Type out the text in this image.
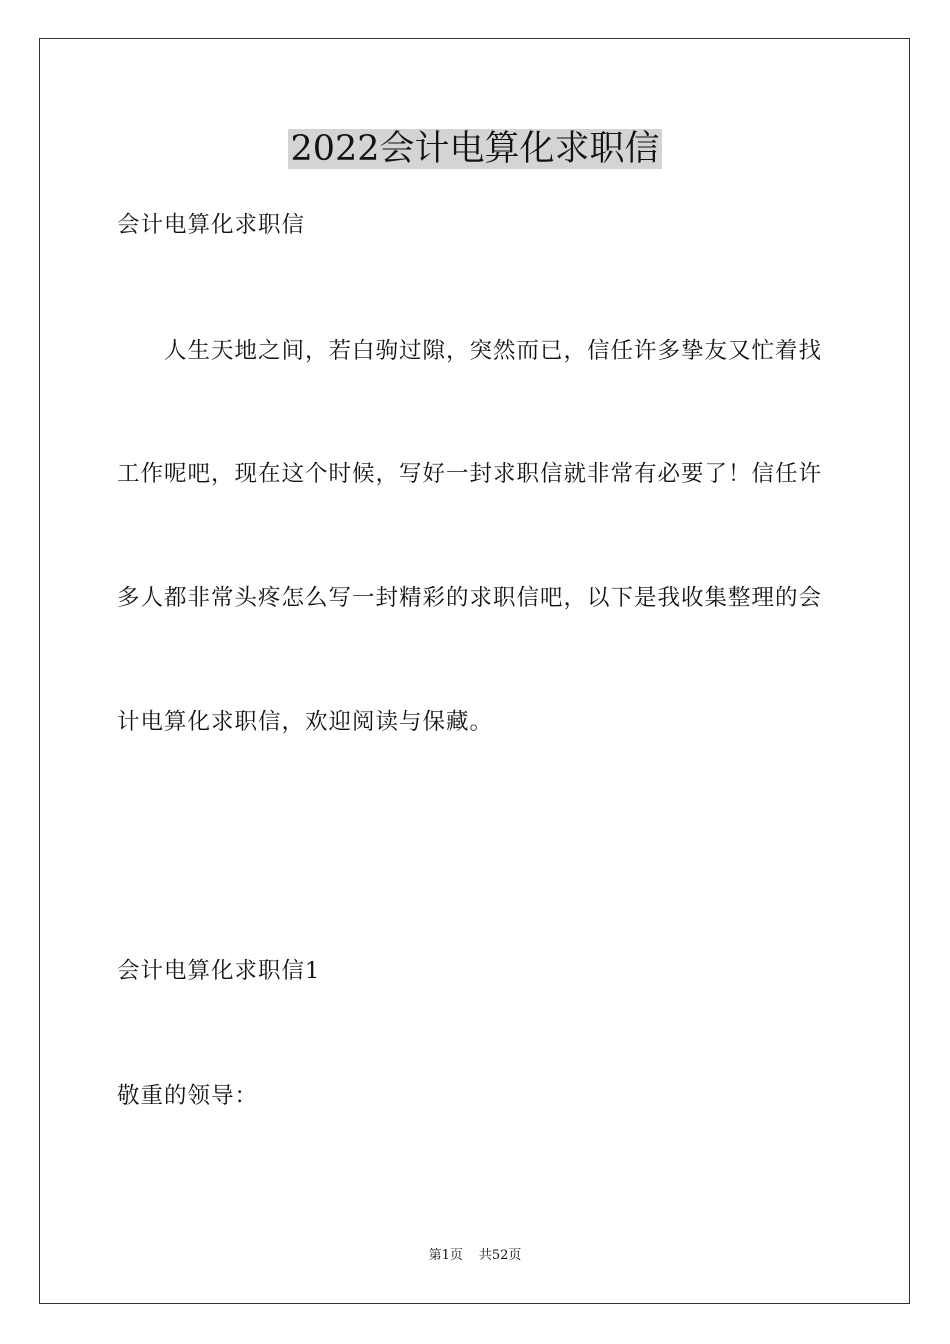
2022会计电算化求职信
会计电算化求职信
　　人生天地之间，若白驹过隙，突然而已，信任许多挚友又忙着找
工作呢吧，现在这个时候，写好一封求职信就非常有必要了！信任许
多人都非常头疼怎么写一封精彩的求职信吧，以下是我收集整理的会
计电算化求职信，欢迎阅读与保藏。
会计电算化求职信1
敬重的领导：
第1页 共52页
